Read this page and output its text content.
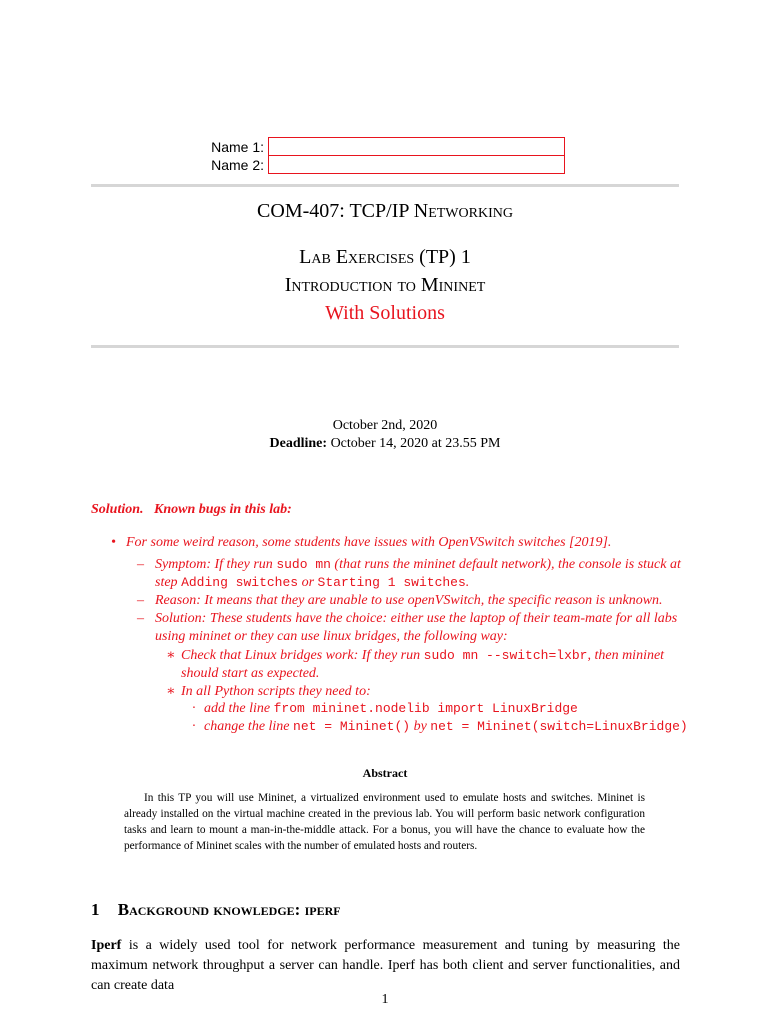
Name 1:
Name 2:
COM-407: TCP/IP Networking
Lab Exercises (TP) 1
Introduction to Mininet
With Solutions
October 2nd, 2020
Deadline: October 14, 2020 at 23.55 PM
Solution. Known bugs in this lab:
• For some weird reason, some students have issues with OpenVSwitch switches [2019].
– Symptom: If they run sudo mn (that runs the mininet default network), the console is stuck at step Adding switches or Starting 1 switches.
– Reason: It means that they are unable to use openVSwitch, the specific reason is unknown.
– Solution: These students have the choice: either use the laptop of their team-mate for all labs using mininet or they can use linux bridges, the following way:
∗ Check that Linux bridges work: If they run sudo mn --switch=lxbr, then mininet should start as expected.
∗ In all Python scripts they need to:
· add the line from mininet.nodelib import LinuxBridge
· change the line net = Mininet() by net = Mininet(switch=LinuxBridge)
Abstract
In this TP you will use Mininet, a virtualized environment used to emulate hosts and switches. Mininet is already installed on the virtual machine created in the previous lab. You will perform basic network configuration tasks and learn to mount a man-in-the-middle attack. For a bonus, you will have the chance to evaluate how the performance of Mininet scales with the number of emulated hosts and routers.
1 Background knowledge: iperf
Iperf is a widely used tool for network performance measurement and tuning by measuring the maximum network throughput a server can handle. Iperf has both client and server functionalities, and can create data
1
